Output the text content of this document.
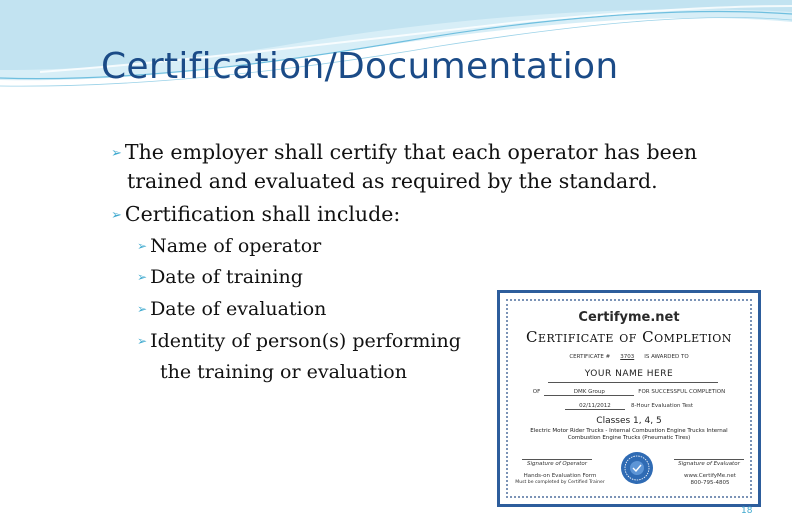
Certification/Documentation
➢ The employer shall certify that each operator has been
trained and evaluated as required by the standard.
➢ Certification shall include:
➢ Name of operator
➢ Date of training
➢ Date of evaluation
➢ Identity of person(s) performing
the training or evaluation
Certifyme.net
Certificate of Completion
CERTIFICATE # 3703 IS AWARDED TO
YOUR NAME HERE
OF	DMK Group	FOR SUCCESSFUL COMPLETION
02/11/2012	8-Hour Evaluation Test
Classes 1, 4, 5
Electric Motor Rider Trucks - Internal Combustion Engine Trucks Internal
Combustion Engine Trucks (Pneumatic Tires)
Signature of Operator	Signature of Evaluator
Hands-on Evaluation Form
Must be completed by Certified Trainer
www.CertifyMe.net
800-795-4805
18
